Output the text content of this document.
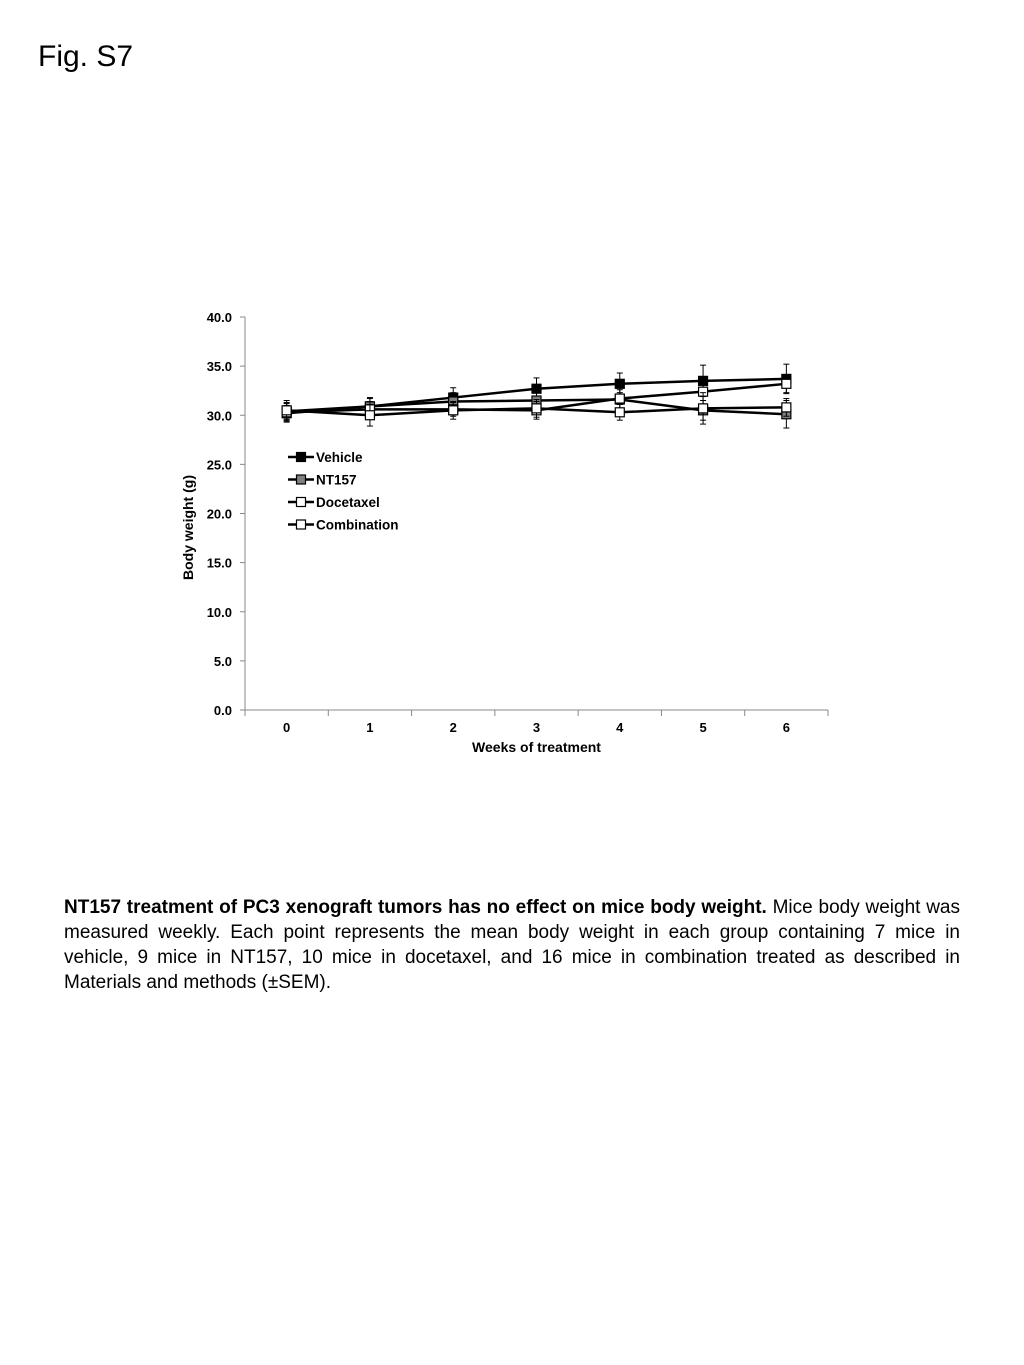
Fig. S7
0.0
5.0
10.0
15.0
20.0
25.0
30.0
35.0
40.0
0	1	2	3	4	5	6
Vehicle
NT157
Docetaxel
Combination
Weeks of treatment
Body weight (g)
NT157 treatment of PC3 xenograft tumors has no effect on mice body weight. Mice body weight was measured weekly. Each point represents the mean body weight in each group containing 7 mice in vehicle, 9 mice in NT157, 10 mice in docetaxel, and 16 mice in combination treated as described in Materials and methods (±SEM).
